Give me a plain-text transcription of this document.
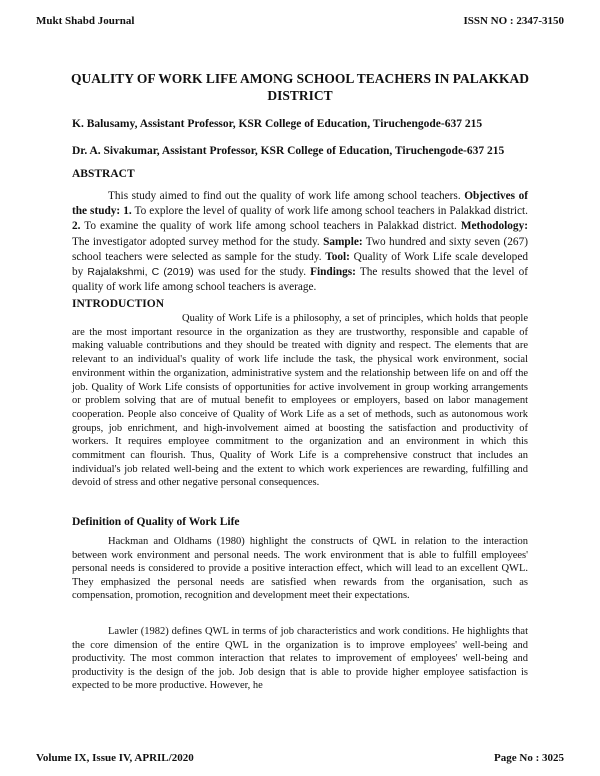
Mukt Shabd Journal	ISSN NO : 2347-3150
QUALITY OF WORK LIFE AMONG SCHOOL TEACHERS IN PALAKKAD DISTRICT
K. Balusamy, Assistant Professor, KSR College of Education, Tiruchengode-637 215
Dr. A. Sivakumar, Assistant Professor, KSR College of Education, Tiruchengode-637 215
ABSTRACT

This study aimed to find out the quality of work life among school teachers. Objectives of the study: 1. To explore the level of quality of work life among school teachers in Palakkad district. 2. To examine the quality of work life among school teachers in Palakkad district. Methodology: The investigator adopted survey method for the study. Sample: Two hundred and sixty seven (267) school teachers were selected as sample for the study. Tool: Quality of Work Life scale developed by Rajalakshmi, C (2019) was used for the study. Findings: The results showed that the level of quality of work life among school teachers is average.

INTRODUCTION

Quality of Work Life is a philosophy, a set of principles, which holds that people are the most important resource in the organization as they are trustworthy, responsible and capable of making valuable contributions and they should be treated with dignity and respect. The elements that are relevant to an individual's quality of work life include the task, the physical work environment, social environment within the organization, administrative system and the relationship between life on and off the job. Quality of Work Life consists of opportunities for active involvement in group working arrangements or problem solving that are of mutual benefit to employees or employers, based on labor management cooperation. People also conceive of Quality of Work Life as a set of methods, such as autonomous work groups, job enrichment, and high-involvement aimed at boosting the satisfaction and productivity of workers. It requires employee commitment to the organization and an environment in which this commitment can flourish. Thus, Quality of Work Life is a comprehensive construct that includes an individual's job related well-being and the extent to which work experiences are rewarding, fulfilling and devoid of stress and other negative personal consequences.

Definition of Quality of Work Life

Hackman and Oldhams (1980) highlight the constructs of QWL in relation to the interaction between work environment and personal needs. The work environment that is able to fulfill employees' personal needs is considered to provide a positive interaction effect, which will lead to an excellent QWL. They emphasized the personal needs are satisfied when rewards from the organisation, such as compensation, promotion, recognition and development meet their expectations.

Lawler (1982) defines QWL in terms of job characteristics and work conditions. He highlights that the core dimension of the entire QWL in the organization is to improve employees' well-being and productivity. The most common interaction that relates to improvement of employees' well-being and productivity is the design of the job. Job design that is able to provide higher employee satisfaction is expected to be more productive. However, he

Volume IX, Issue IV, APRIL/2020	Page No : 3025
